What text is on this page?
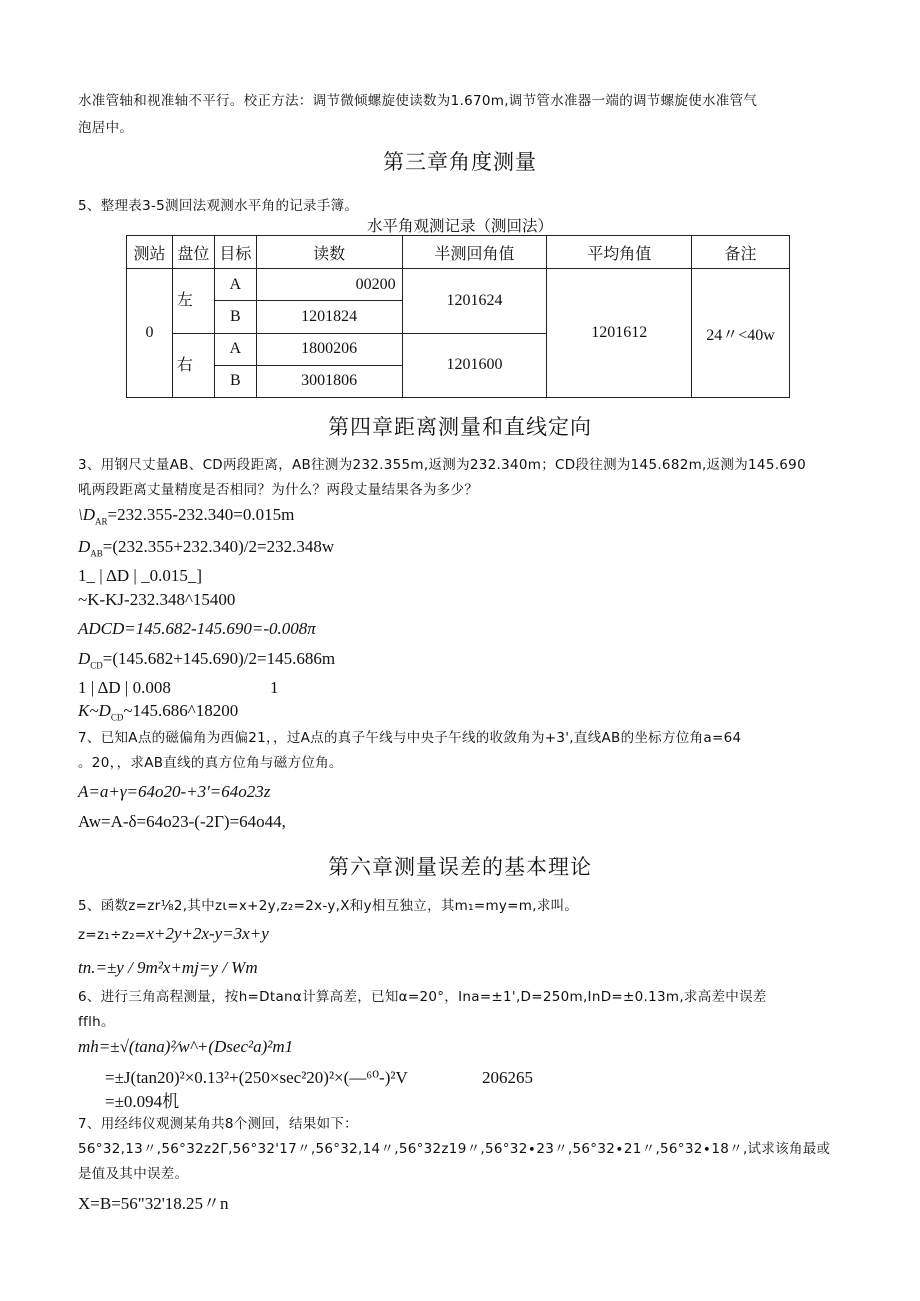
水准管轴和视准轴不平行。校正方法：调节微倾螺旋使读数为1.670m,调节管水准器一端的调节螺旋使水准管气
泡居中。
第三章角度测量
5、整理表3-5测回法观测水平角的记录手簿。
水平角观测记录（测回法）
测站	盘位	目标	读数	半测回角值	平均角值	备注
0	左	A	00200	1201624	1201612	24〃<40w
		B	1201824			
	右	A	1800206	1201600		
		B	3001806			
第四章距离测量和直线定向
3、用钢尺丈量AB、CD两段距离，AB往测为232.355m,返测为232.340m；CD段往测为145.682m,返测为145.690
吼两段距离丈量精度是否相同？为什么？两段丈量结果各为多少？
$\backslash D_{AR}=232.355-232.340=0.015m$
$D_{AB}=(232.355+232.340)/2=232.348w$
1_ | ΔD | _0.015_]
~K-KJ-232.348^15400
ADCD=145.682-145.690=-0.008π
$D_{CD}=(145.682+145.690)/2=145.686m$
1 | ΔD | 0.008	1
$K\sim D_{CD}\sim 145.686\^{}18200$
7、已知A点的磁偏角为西偏21，，过A点的真子午线与中央子午线的收敛角为+3',直线AB的坐标方位角a=64
。20，，求AB直线的真方位角与磁方位角。
A=a+γ=64o20-+3'=64o23z
Aw=A-δ=64o23-(-2Γ)=64o44,
第六章测量误差的基本理论
5、函数z=zr⅛2,其中zι=x+2y,z₂=2x-y,X和y相互独立，其m₁=my=m,求叫。
z=z₁÷z₂=x+2y+2x-y=3x+y
tn.=±y / 9m²x+mj=y / Wm
6、进行三角高程测量，按h=Dtanα计算高差，已知α=20°，Ina=±1',D=250m,InD=±0.13m,求高差中误差
fflh。
mh=±√(tana)²⁄w^+(Dsec²a)²m1
=±J(tan20)²×0.13²+(250×sec²20)²×(—⁶⁰-)²V	206265
=±0.094机
7、用经纬仪观测某角共8个测回，结果如下：
56°32,13〃,56°32z2Γ,56°32'17〃,56°32,14〃,56°32z19〃,56°32∙23〃,56°32∙21〃,56°32∙18〃,试求该角最或
是值及其中误差。
X=B=56"32'18.25〃n
